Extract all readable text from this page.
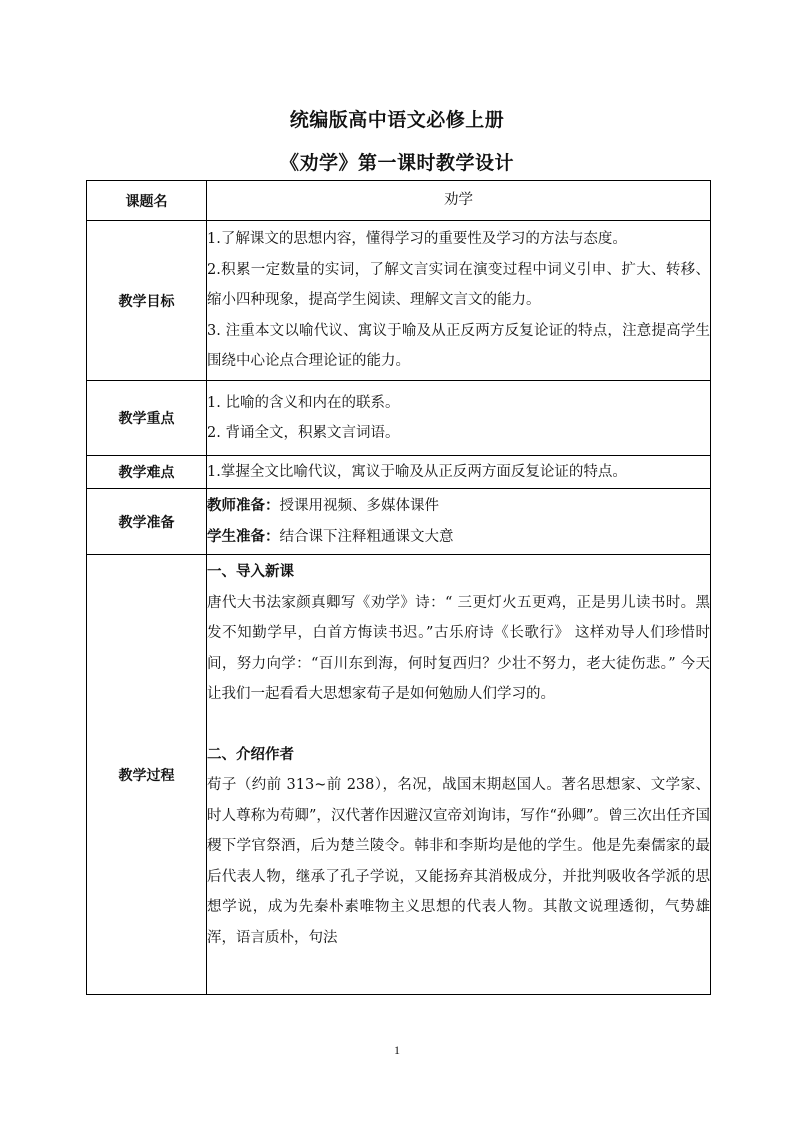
统编版高中语文必修上册
《劝学》第一课时教学设计
课题名	劝学
教学目标	1.了解课文的思想内容，懂得学习的重要性及学习的方法与态度。
2.积累一定数量的实词，了解文言实词在演变过程中词义引申、扩大、转移、缩小四种现象，提高学生阅读、理解文言文的能力。
3. 注重本文以喻代议、寓议于喻及从正反两方反复论证的特点，注意提高学生围绕中心论点合理论证的能力。

教学重点	1. 比喻的含义和内在的联系。
2. 背诵全文，积累文言词语。

教学难点	1.掌握全文比喻代议，寓议于喻及从正反两方面反复论证的特点。
教学准备	教师准备：授课用视频、多媒体课件
学生准备：结合课下注释粗通课文大意

教学过程	一、导入新课
唐代大书法家颜真卿写《劝学》诗：“ 三更灯火五更鸡，正是男儿读书时。黑发不知勤学早，白首方悔读书迟。”古乐府诗《长歌行》 这样劝导人们珍惜时间，努力向学：“百川东到海，何时复西归？少壮不努力，老大徒伤悲。” 今天让我们一起看看大思想家荀子是如何勉励人们学习的。
二、介绍作者
荀子（约前 313~前 238），名况，战国末期赵国人。著名思想家、文学家、时人尊称为苟卿”，汉代著作因避汉宣帝刘询讳，写作“孙卿”。曾三次出任齐国稷下学官祭酒，后为楚兰陵令。韩非和李斯均是他的学生。他是先秦儒家的最后代表人物，继承了孔子学说，又能扬弃其消极成分，并批判吸收各学派的思想学说，成为先秦朴素唯物主义思想的代表人物。其散文说理透彻，气势雄浑，语言质朴，句法
1
